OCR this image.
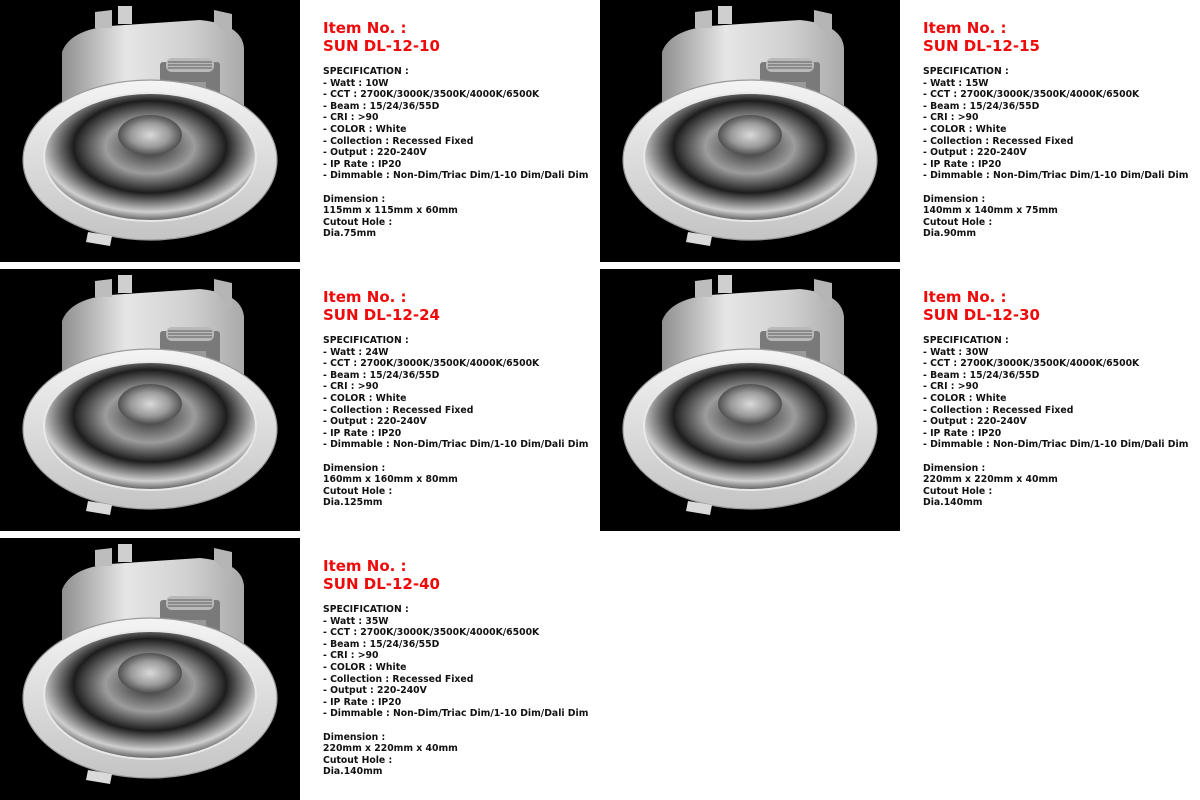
Item No. :
SUN DL-12-10
SPECIFICATION :
- Watt : 10W
- CCT : 2700K/3000K/3500K/4000K/6500K
- Beam : 15/24/36/55D
- CRI : >90
- COLOR : White
- Collection : Recessed Fixed
- Output : 220-240V
- IP Rate : IP20
- Dimmable : Non-Dim/Triac Dim/1-10 Dim/Dali Dim
Dimension :
115mm x 115mm x 60mm
Cutout Hole :
Dia.75mm
Item No. :
SUN DL-12-15
SPECIFICATION :
- Watt : 15W
- CCT : 2700K/3000K/3500K/4000K/6500K
- Beam : 15/24/36/55D
- CRI : >90
- COLOR : White
- Collection : Recessed Fixed
- Output : 220-240V
- IP Rate : IP20
- Dimmable : Non-Dim/Triac Dim/1-10 Dim/Dali Dim
Dimension :
140mm x 140mm x 75mm
Cutout Hole :
Dia.90mm
Item No. :
SUN DL-12-24
SPECIFICATION :
- Watt : 24W
- CCT : 2700K/3000K/3500K/4000K/6500K
- Beam : 15/24/36/55D
- CRI : >90
- COLOR : White
- Collection : Recessed Fixed
- Output : 220-240V
- IP Rate : IP20
- Dimmable : Non-Dim/Triac Dim/1-10 Dim/Dali Dim
Dimension :
160mm x 160mm x 80mm
Cutout Hole :
Dia.125mm
Item No. :
SUN DL-12-30
SPECIFICATION :
- Watt : 30W
- CCT : 2700K/3000K/3500K/4000K/6500K
- Beam : 15/24/36/55D
- CRI : >90
- COLOR : White
- Collection : Recessed Fixed
- Output : 220-240V
- IP Rate : IP20
- Dimmable : Non-Dim/Triac Dim/1-10 Dim/Dali Dim
Dimension :
220mm x 220mm x 40mm
Cutout Hole :
Dia.140mm
Item No. :
SUN DL-12-40
SPECIFICATION :
- Watt : 35W
- CCT : 2700K/3000K/3500K/4000K/6500K
- Beam : 15/24/36/55D
- CRI : >90
- COLOR : White
- Collection : Recessed Fixed
- Output : 220-240V
- IP Rate : IP20
- Dimmable : Non-Dim/Triac Dim/1-10 Dim/Dali Dim
Dimension :
220mm x 220mm x 40mm
Cutout Hole :
Dia.140mm
